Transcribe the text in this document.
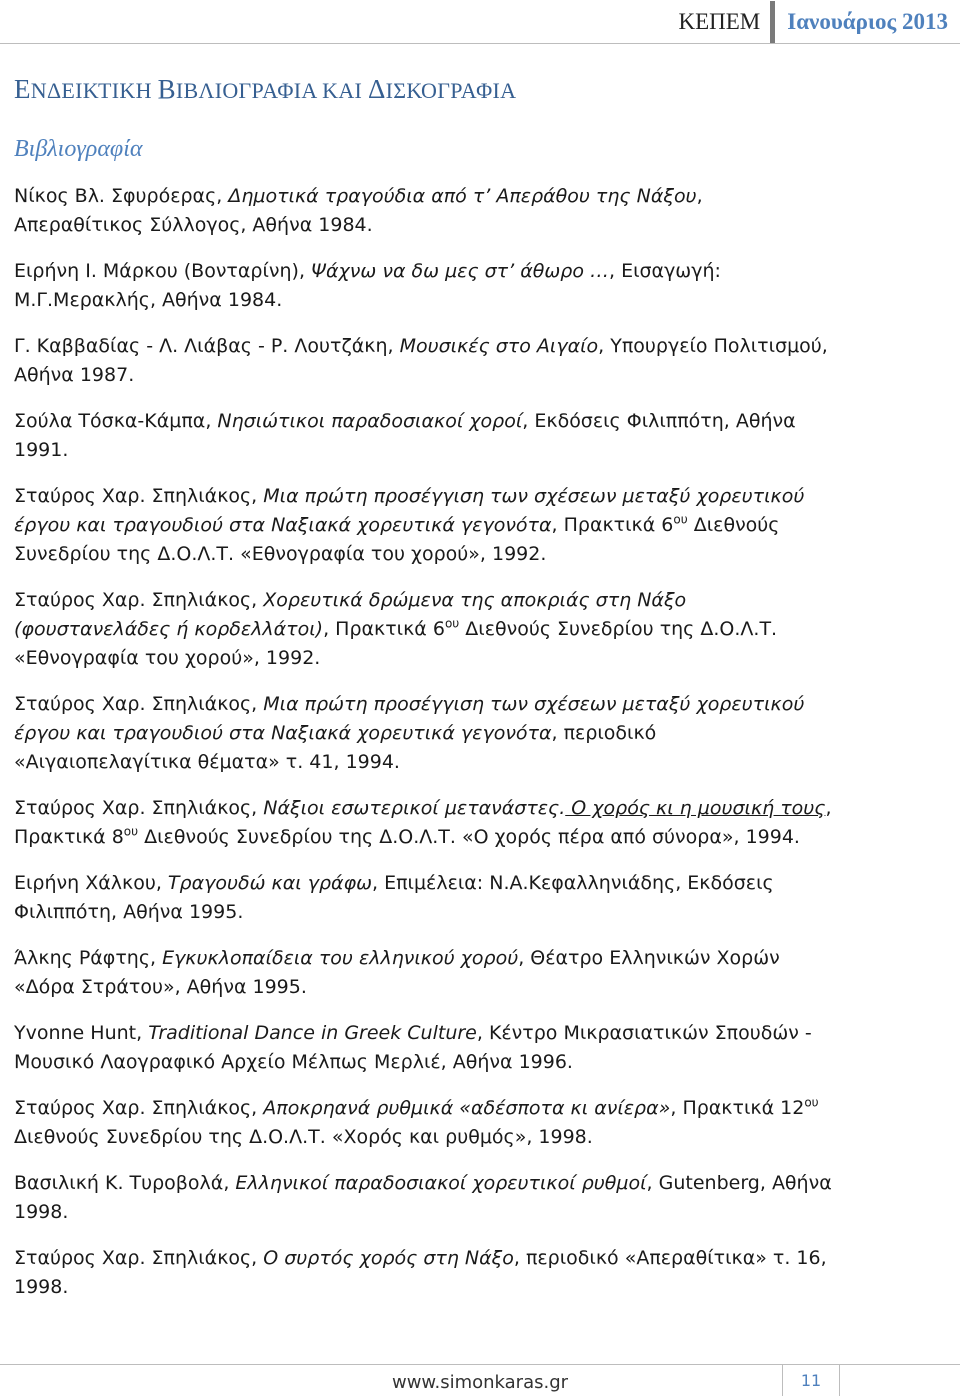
ΚΕΠΕΜ	Ιανουάριος 2013
ΕΝΔΕΙΚΤΙΚΗ ΒΙΒΛΙΟΓΡΑΦΙΑ ΚΑΙ ΔΙΣΚΟΓΡΑΦΙΑ
Βιβλιογραφία

Νίκος Βλ. Σφυρόερας, Δημοτικά τραγούδια από τ’ Απεράθου της Νάξου, Απεραθίτικος Σύλλογος, Αθήνα 1984.

Ειρήνη Ι. Μάρκου (Βονταρίνη), Ψάχνω να δω μες στ’ άθωρο …, Εισαγωγή: Μ.Γ.Μερακλής, Αθήνα 1984.

Γ. Καββαδίας - Λ. Λιάβας - Ρ. Λουτζάκη, Μουσικές στο Αιγαίο, Υπουργείο Πολιτισμού, Αθήνα 1987.

Σούλα Τόσκα-Κάμπα, Νησιώτικοι παραδοσιακοί χοροί, Εκδόσεις Φιλιππότη, Αθήνα 1991.

Σταύρος Χαρ. Σπηλιάκος, Μια πρώτη προσέγγιση των σχέσεων μεταξύ χορευτικού έργου και τραγουδιού στα Ναξιακά χορευτικά γεγονότα, Πρακτικά $6^{o\upsilon}$ Διεθνούς Συνεδρίου της Δ.Ο.Λ.Τ. «Εθνογραφία του χορού», 1992.

Σταύρος Χαρ. Σπηλιάκος, Χορευτικά δρώμενα της αποκριάς στη Νάξο (φουστανελάδες ή κορδελλάτοι), Πρακτικά $6^{o\upsilon}$ Διεθνούς Συνεδρίου της Δ.Ο.Λ.Τ. «Εθνογραφία του χορού», 1992.

Σταύρος Χαρ. Σπηλιάκος, Μια πρώτη προσέγγιση των σχέσεων μεταξύ χορευτικού έργου και τραγουδιού στα Ναξιακά χορευτικά γεγονότα, περιοδικό «Αιγαιοπελαγίτικα θέματα» τ. 41, 1994.

Σταύρος Χαρ. Σπηλιάκος, Νάξιοι εσωτερικοί μετανάστες. Ο χορός κι η μουσική τους, Πρακτικά $8^{o\upsilon}$ Διεθνούς Συνεδρίου της Δ.Ο.Λ.Τ. «Ο χορός πέρα από σύνορα», 1994.

Ειρήνη Χάλκου, Τραγουδώ και γράφω, Επιμέλεια: Ν.Α.Κεφαλληνιάδης, Εκδόσεις Φιλιππότη, Αθήνα 1995.

Άλκης Ράφτης, Εγκυκλοπαίδεια του ελληνικού χορού, Θέατρο Ελληνικών Χορών «Δόρα Στράτου», Αθήνα 1995.

Yvonne Hunt, Traditional Dance in Greek Culture, Κέντρο Μικρασιατικών Σπουδών - Μουσικό Λαογραφικό Αρχείο Μέλπως Μερλιέ, Αθήνα 1996.

Σταύρος Χαρ. Σπηλιάκος, Αποκρηανά ρυθμικά «αδέσποτα κι ανίερα», Πρακτικά $12^{o\upsilon}$ Διεθνούς Συνεδρίου της Δ.Ο.Λ.Τ. «Χορός και ρυθμός», 1998.

Βασιλική Κ. Τυροβολά, Ελληνικοί παραδοσιακοί χορευτικοί ρυθμοί, Gutenberg, Αθήνα 1998.

Σταύρος Χαρ. Σπηλιάκος, Ο συρτός χορός στη Νάξο, περιοδικό «Απεραθίτικα» τ. 16, 1998.

www.simonkaras.gr	11
